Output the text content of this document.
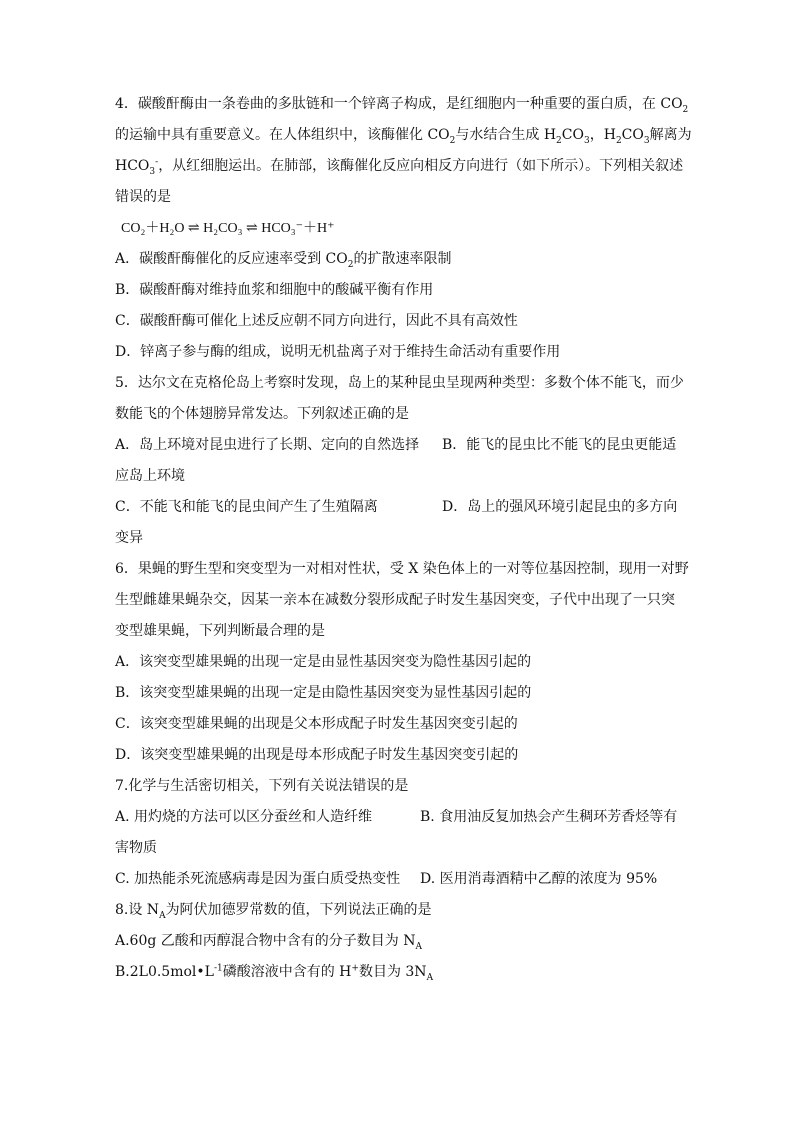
4．碳酸酐酶由一条卷曲的多肽链和一个锌离子构成，是红细胞内一种重要的蛋白质，在 $CO_2$
的运输中具有重要意义。在人体组织中，该酶催化 $CO_2$与水结合生成 $H_2CO_3$，$H_2CO_3$解离为
$HCO_3^-$，从红细胞运出。在肺部，该酶催化反应向相反方向进行（如下所示）。下列相关叙述
错误的是
CO₂＋H₂O ⇌ H₂CO₃ ⇌ HCO₃⁻＋H⁺
A．碳酸酐酶催化的反应速率受到 $CO_2$的扩散速率限制
B．碳酸酐酶对维持血浆和细胞中的酸碱平衡有作用
C．碳酸酐酶可催化上述反应朝不同方向进行，因此不具有高效性
D．锌离子参与酶的组成，说明无机盐离子对于维持生命活动有重要作用
5．达尔文在克格伦岛上考察时发现，岛上的某种昆虫呈现两种类型：多数个体不能飞，而少
数能飞的个体翅膀异常发达。下列叙述正确的是
A．岛上环境对昆虫进行了长期、定向的自然选择	B．能飞的昆虫比不能飞的昆虫更能适
应岛上环境
C．不能飞和能飞的昆虫间产生了生殖隔离	D．岛上的强风环境引起昆虫的多方向
变异
6．果蝇的野生型和突变型为一对相对性状，受 X 染色体上的一对等位基因控制，现用一对野
生型雌雄果蝇杂交，因某一亲本在减数分裂形成配子时发生基因突变，子代中出现了一只突
变型雄果蝇，下列判断最合理的是
A．该突变型雄果蝇的出现一定是由显性基因突变为隐性基因引起的
B．该突变型雄果蝇的出现一定是由隐性基因突变为显性基因引起的
C．该突变型雄果蝇的出现是父本形成配子时发生基因突变引起的
D．该突变型雄果蝇的出现是母本形成配子时发生基因突变引起的
7.化学与生活密切相关，下列有关说法错误的是
A. 用灼烧的方法可以区分蚕丝和人造纤维	B. 食用油反复加热会产生稠环芳香烃等有
害物质
C. 加热能杀死流感病毒是因为蛋白质受热变性	D. 医用消毒酒精中乙醇的浓度为 95%
8.设 $N_A$为阿伏加德罗常数的值，下列说法正确的是
A.60g 乙酸和丙醇混合物中含有的分子数目为 $N_A$
$B.2L0.5mol•L^{-1}$磷酸溶液中含有的 H+数目为 $3N_A$
